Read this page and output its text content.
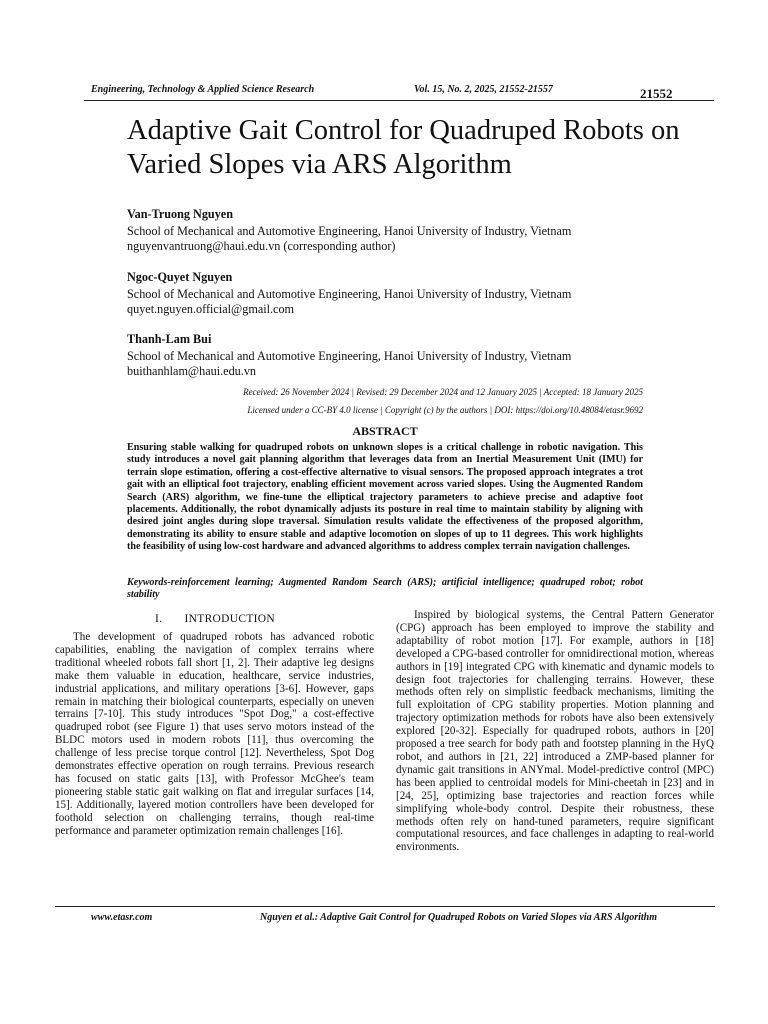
Engineering, Technology & Applied Science Research	Vol. 15, No. 2, 2025, 21552-21557	21552
Adaptive Gait Control for Quadruped Robots on Varied Slopes via ARS Algorithm
Van-Truong Nguyen
School of Mechanical and Automotive Engineering, Hanoi University of Industry, Vietnam
nguyenvantruong@haui.edu.vn (corresponding author)
Ngoc-Quyet Nguyen
School of Mechanical and Automotive Engineering, Hanoi University of Industry, Vietnam
quyet.nguyen.official@gmail.com
Thanh-Lam Bui
School of Mechanical and Automotive Engineering, Hanoi University of Industry, Vietnam
buithanhlam@haui.edu.vn
Received: 26 November 2024 | Revised: 29 December 2024 and 12 January 2025 | Accepted: 18 January 2025
Licensed under a CC-BY 4.0 license | Copyright (c) by the authors | DOI: https://doi.org/10.48084/etasr.9692
ABSTRACT
Ensuring stable walking for quadruped robots on unknown slopes is a critical challenge in robotic navigation. This study introduces a novel gait planning algorithm that leverages data from an Inertial Measurement Unit (IMU) for terrain slope estimation, offering a cost-effective alternative to visual sensors. The proposed approach integrates a trot gait with an elliptical foot trajectory, enabling efficient movement across varied slopes. Using the Augmented Random Search (ARS) algorithm, we fine-tune the elliptical trajectory parameters to achieve precise and adaptive foot placements. Additionally, the robot dynamically adjusts its posture in real time to maintain stability by aligning with desired joint angles during slope traversal. Simulation results validate the effectiveness of the proposed algorithm, demonstrating its ability to ensure stable and adaptive locomotion on slopes of up to 11 degrees. This work highlights the feasibility of using low-cost hardware and advanced algorithms to address complex terrain navigation challenges.
Keywords-reinforcement learning; Augmented Random Search (ARS); artificial intelligence; quadruped robot; robot stability
I.       INTRODUCTION
The development of quadruped robots has advanced robotic capabilities, enabling the navigation of complex terrains where traditional wheeled robots fall short [1, 2]. Their adaptive leg designs make them valuable in education, healthcare, service industries, industrial applications, and military operations [3-6]. However, gaps remain in matching their biological counterparts, especially on uneven terrains [7-10]. This study introduces "Spot Dog," a cost-effective quadruped robot (see Figure 1) that uses servo motors instead of the BLDC motors used in modern robots [11], thus overcoming the challenge of less precise torque control [12]. Nevertheless, Spot Dog demonstrates effective operation on rough terrains. Previous research has focused on static gaits [13], with Professor McGhee's team pioneering stable static gait walking on flat and irregular surfaces [14, 15]. Additionally, layered motion controllers have been developed for foothold selection on challenging terrains, though real-time performance and parameter optimization remain challenges [16].
Inspired by biological systems, the Central Pattern Generator (CPG) approach has been employed to improve the stability and adaptability of robot motion [17]. For example, authors in [18] developed a CPG-based controller for omnidirectional motion, whereas authors in [19] integrated CPG with kinematic and dynamic models to design foot trajectories for challenging terrains. However, these methods often rely on simplistic feedback mechanisms, limiting the full exploitation of CPG stability properties. Motion planning and trajectory optimization methods for robots have also been extensively explored [20-32]. Especially for quadruped robots, authors in [20] proposed a tree search for body path and footstep planning in the HyQ robot, and authors in [21, 22] introduced a ZMP-based planner for dynamic gait transitions in ANYmal. Model-predictive control (MPC) has been applied to centroidal models for Mini-cheetah in [23] and in [24, 25], optimizing base trajectories and reaction forces while simplifying whole-body control. Despite their robustness, these methods often rely on hand-tuned parameters, require significant computational resources, and face challenges in adapting to real-world environments.
www.etasr.com	Nguyen et al.: Adaptive Gait Control for Quadruped Robots on Varied Slopes via ARS Algorithm
